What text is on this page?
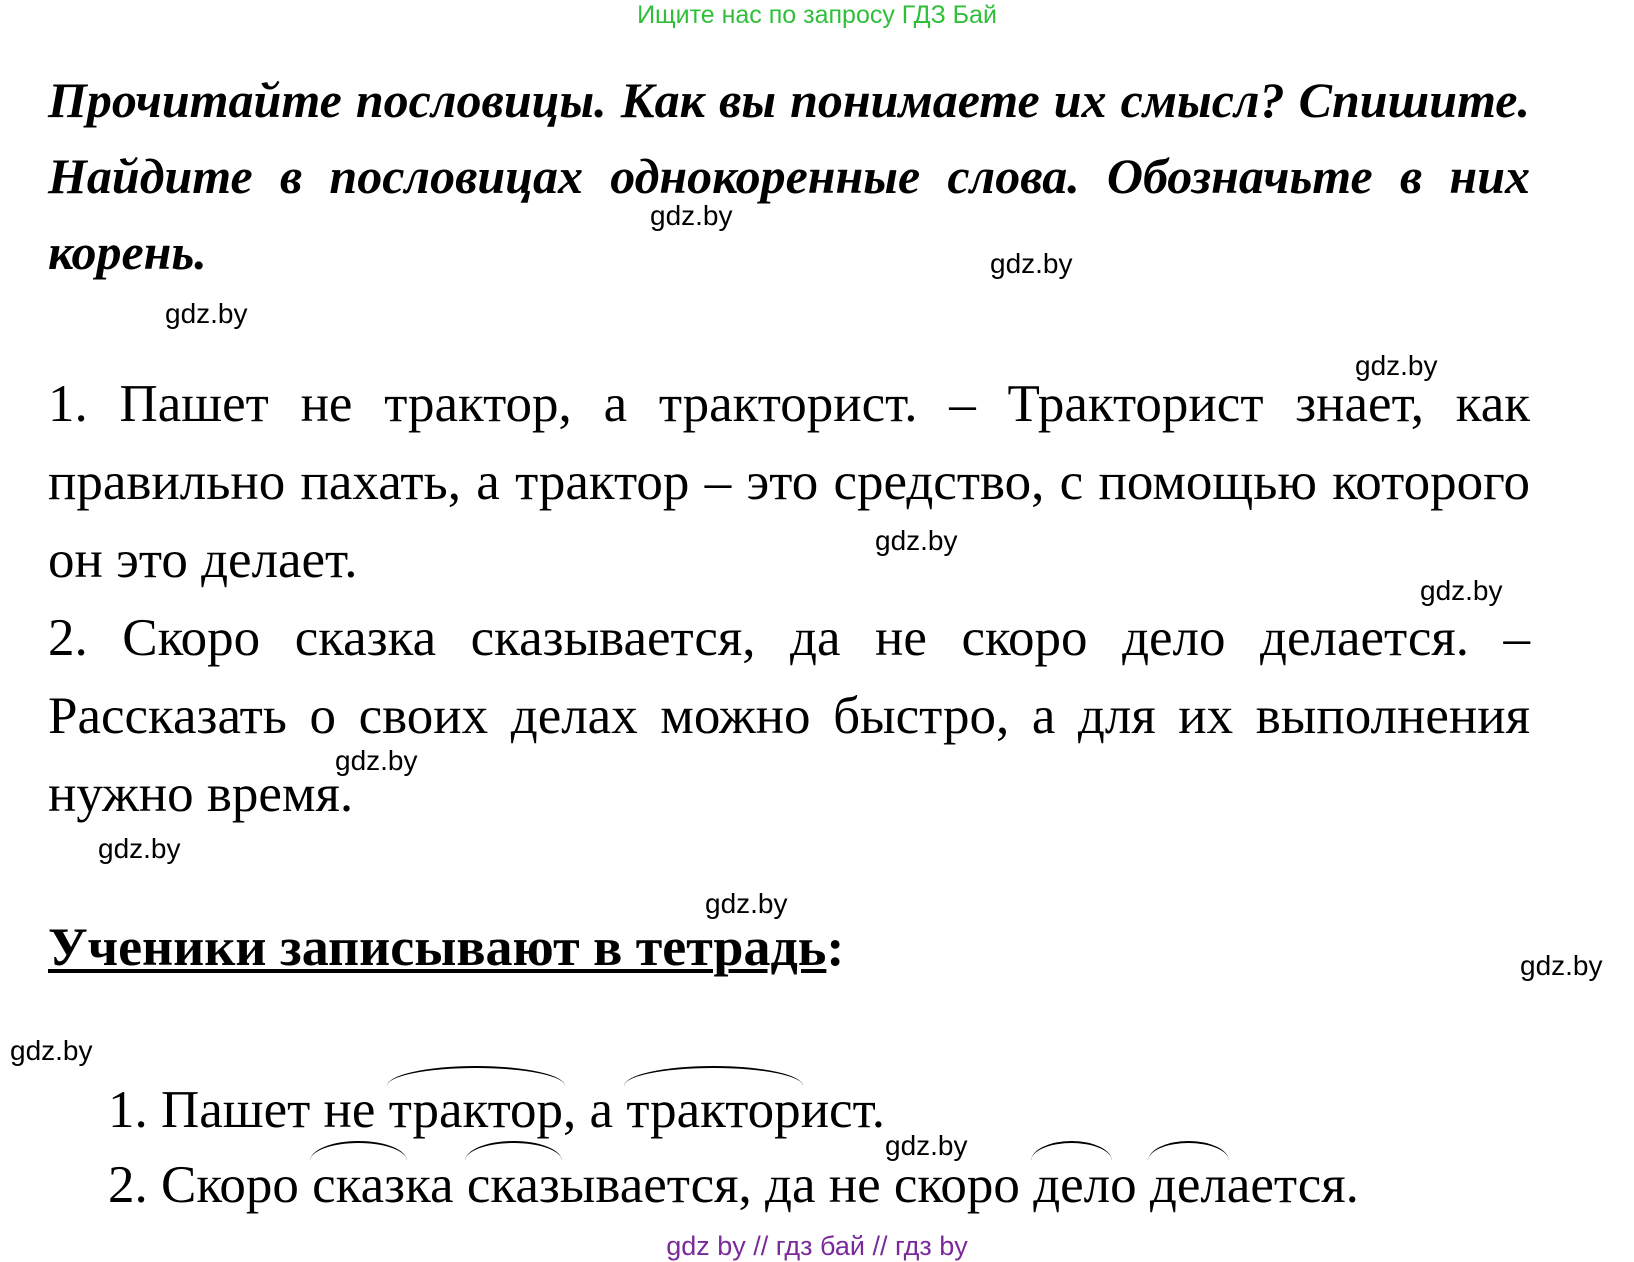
Ищите нас по запросу ГДЗ Бай

Прочитайте пословицы. Как вы понимаете их смысл? Спишите. Найдите в пословицах однокоренные слова. Обозначьте в них корень.

1. Пашет не трактор, а тракторист. – Тракторист знает, как правильно пахать, а трактор – это средство, с помощью которого он это делает.

2. Скоро сказка сказывается, да не скоро дело делается. – Рассказать о своих делах можно быстро, а для их выполнения нужно время.

Ученики записывают в тетрадь:

1. Пашет не
трактор, а
тракторист.

2. Скоро
сказка
сказывается, да не скоро
дело
делается.

gdz.by
gdz.by
gdz.by
gdz.by
gdz.by
gdz.by
gdz.by
gdz.by
gdz.by
gdz.by
gdz.by
gdz.by
gdz by // гдз бай // гдз by
